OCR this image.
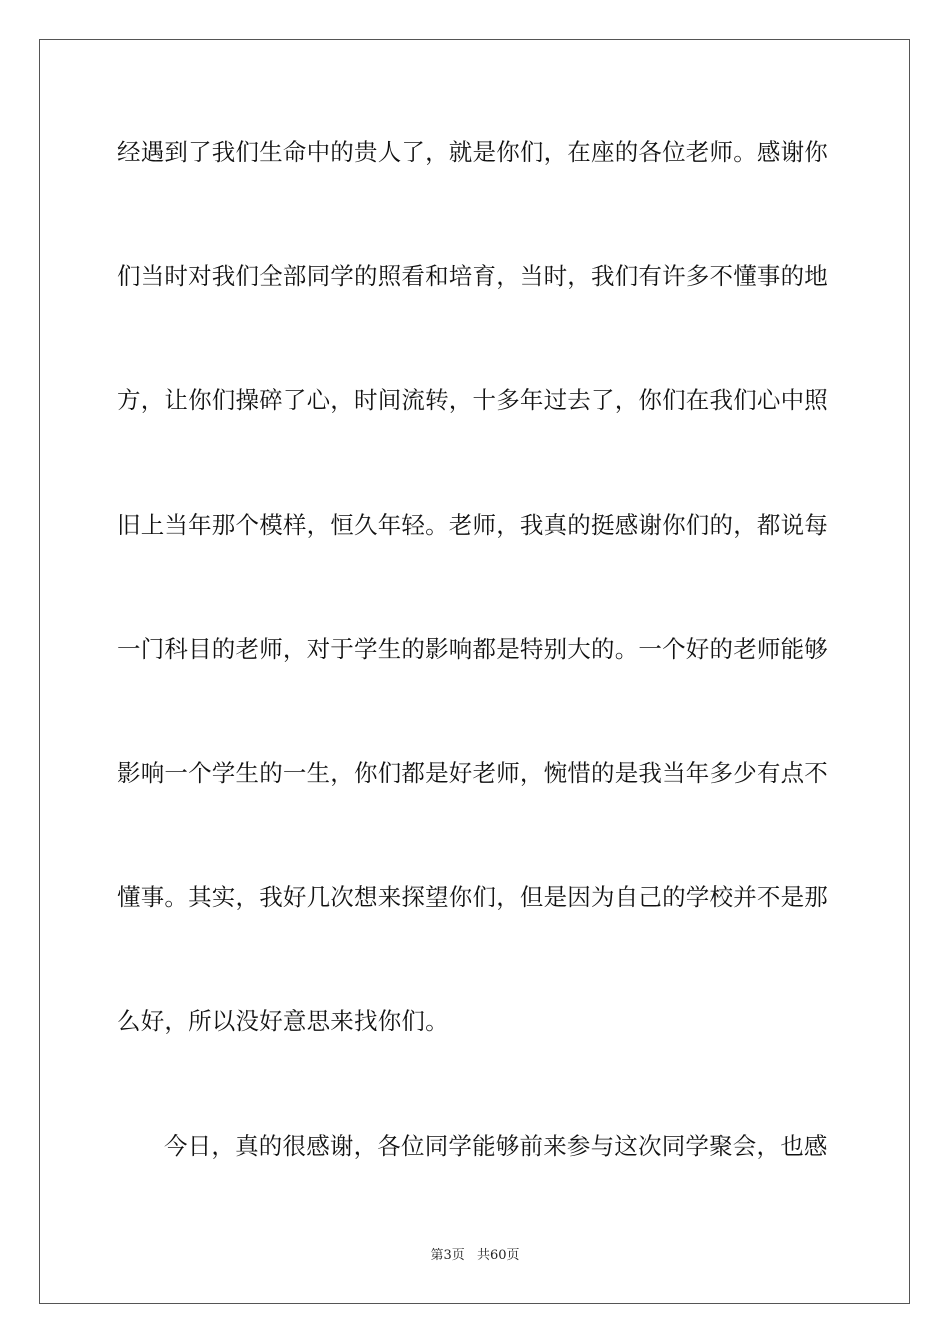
经遇到了我们生命中的贵人了，就是你们，在座的各位老师。感谢你
们当时对我们全部同学的照看和培育，当时，我们有许多不懂事的地
方，让你们操碎了心，时间流转，十多年过去了，你们在我们心中照
旧上当年那个模样，恒久年轻。老师，我真的挺感谢你们的，都说每
一门科目的老师，对于学生的影响都是特别大的。一个好的老师能够
影响一个学生的一生，你们都是好老师，惋惜的是我当年多少有点不
懂事。其实，我好几次想来探望你们，但是因为自己的学校并不是那
么好，所以没好意思来找你们。
今日，真的很感谢，各位同学能够前来参与这次同学聚会，也感
第3页 共60页
